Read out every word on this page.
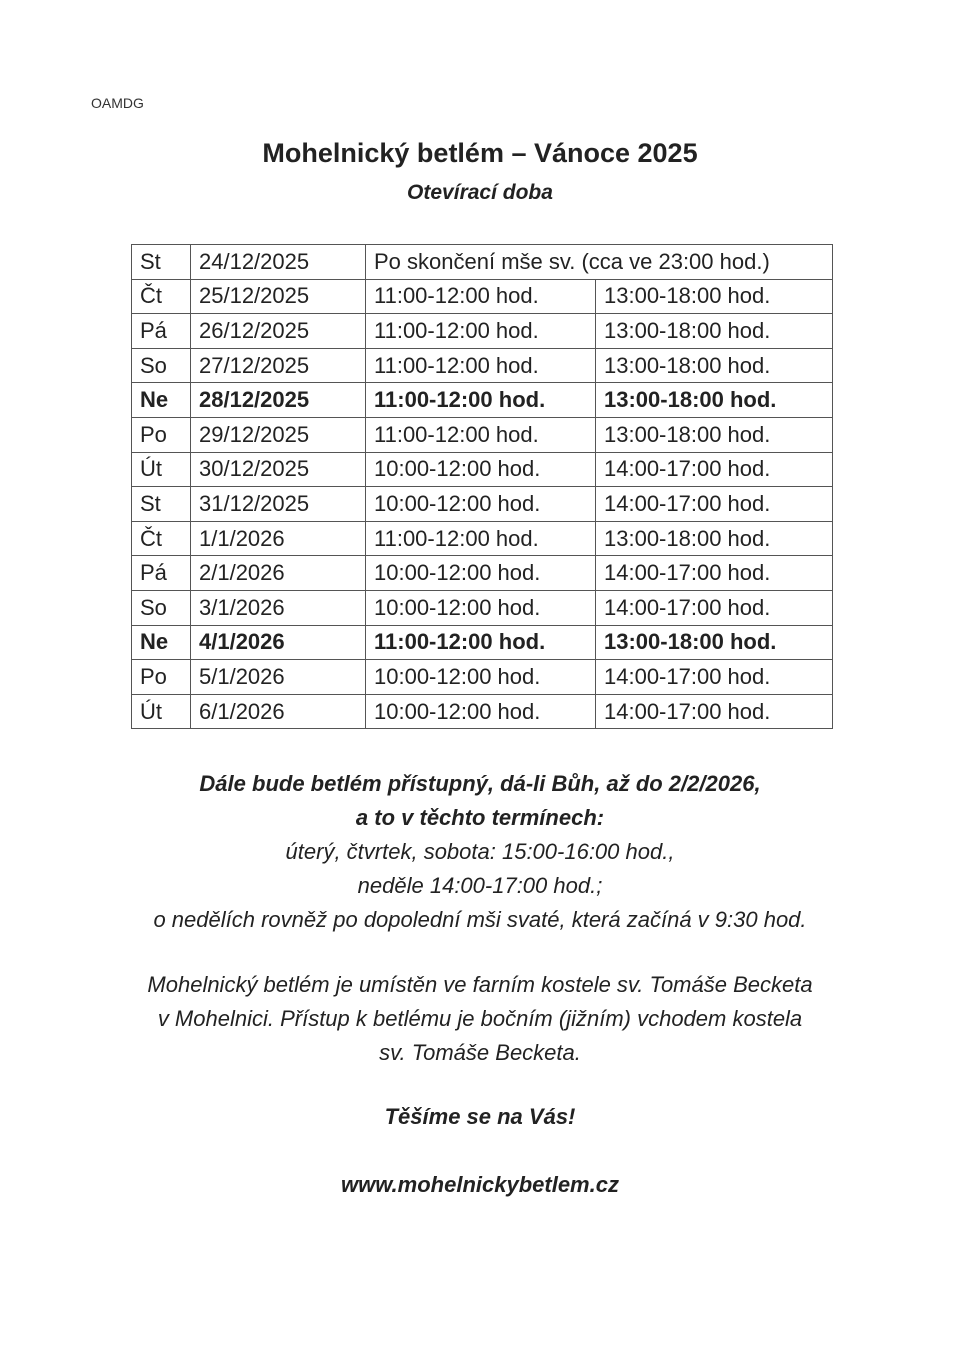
OAMDG
Mohelnický betlém – Vánoce 2025
Otevírací doba
St	24/12/2025	Po skončení mše sv. (cca ve 23:00 hod.)	
Čt	25/12/2025	11:00-12:00 hod.	13:00-18:00 hod.
Pá	26/12/2025	11:00-12:00 hod.	13:00-18:00 hod.
So	27/12/2025	11:00-12:00 hod.	13:00-18:00 hod.
Ne	28/12/2025	11:00-12:00 hod.	13:00-18:00 hod.
Po	29/12/2025	11:00-12:00 hod.	13:00-18:00 hod.
Út	30/12/2025	10:00-12:00 hod.	14:00-17:00 hod.
St	31/12/2025	10:00-12:00 hod.	14:00-17:00 hod.
Čt	1/1/2026	11:00-12:00 hod.	13:00-18:00 hod.
Pá	2/1/2026	10:00-12:00 hod.	14:00-17:00 hod.
So	3/1/2026	10:00-12:00 hod.	14:00-17:00 hod.
Ne	4/1/2026	11:00-12:00 hod.	13:00-18:00 hod.
Po	5/1/2026	10:00-12:00 hod.	14:00-17:00 hod.
Út	6/1/2026	10:00-12:00 hod.	14:00-17:00 hod.
Dále bude betlém přístupný, dá-li Bůh, až do 2/2/2026,
a to v těchto termínech:
úterý, čtvrtek, sobota: 15:00-16:00 hod.,
neděle 14:00-17:00 hod.;
o nedělích rovněž po dopolední mši svaté, která začíná v 9:30 hod.
Mohelnický betlém je umístěn ve farním kostele sv. Tomáše Becketa
v Mohelnici. Přístup k betlému je bočním (jižním) vchodem kostela
sv. Tomáše Becketa.
Těšíme se na Vás!
www.mohelnickybetlem.cz
